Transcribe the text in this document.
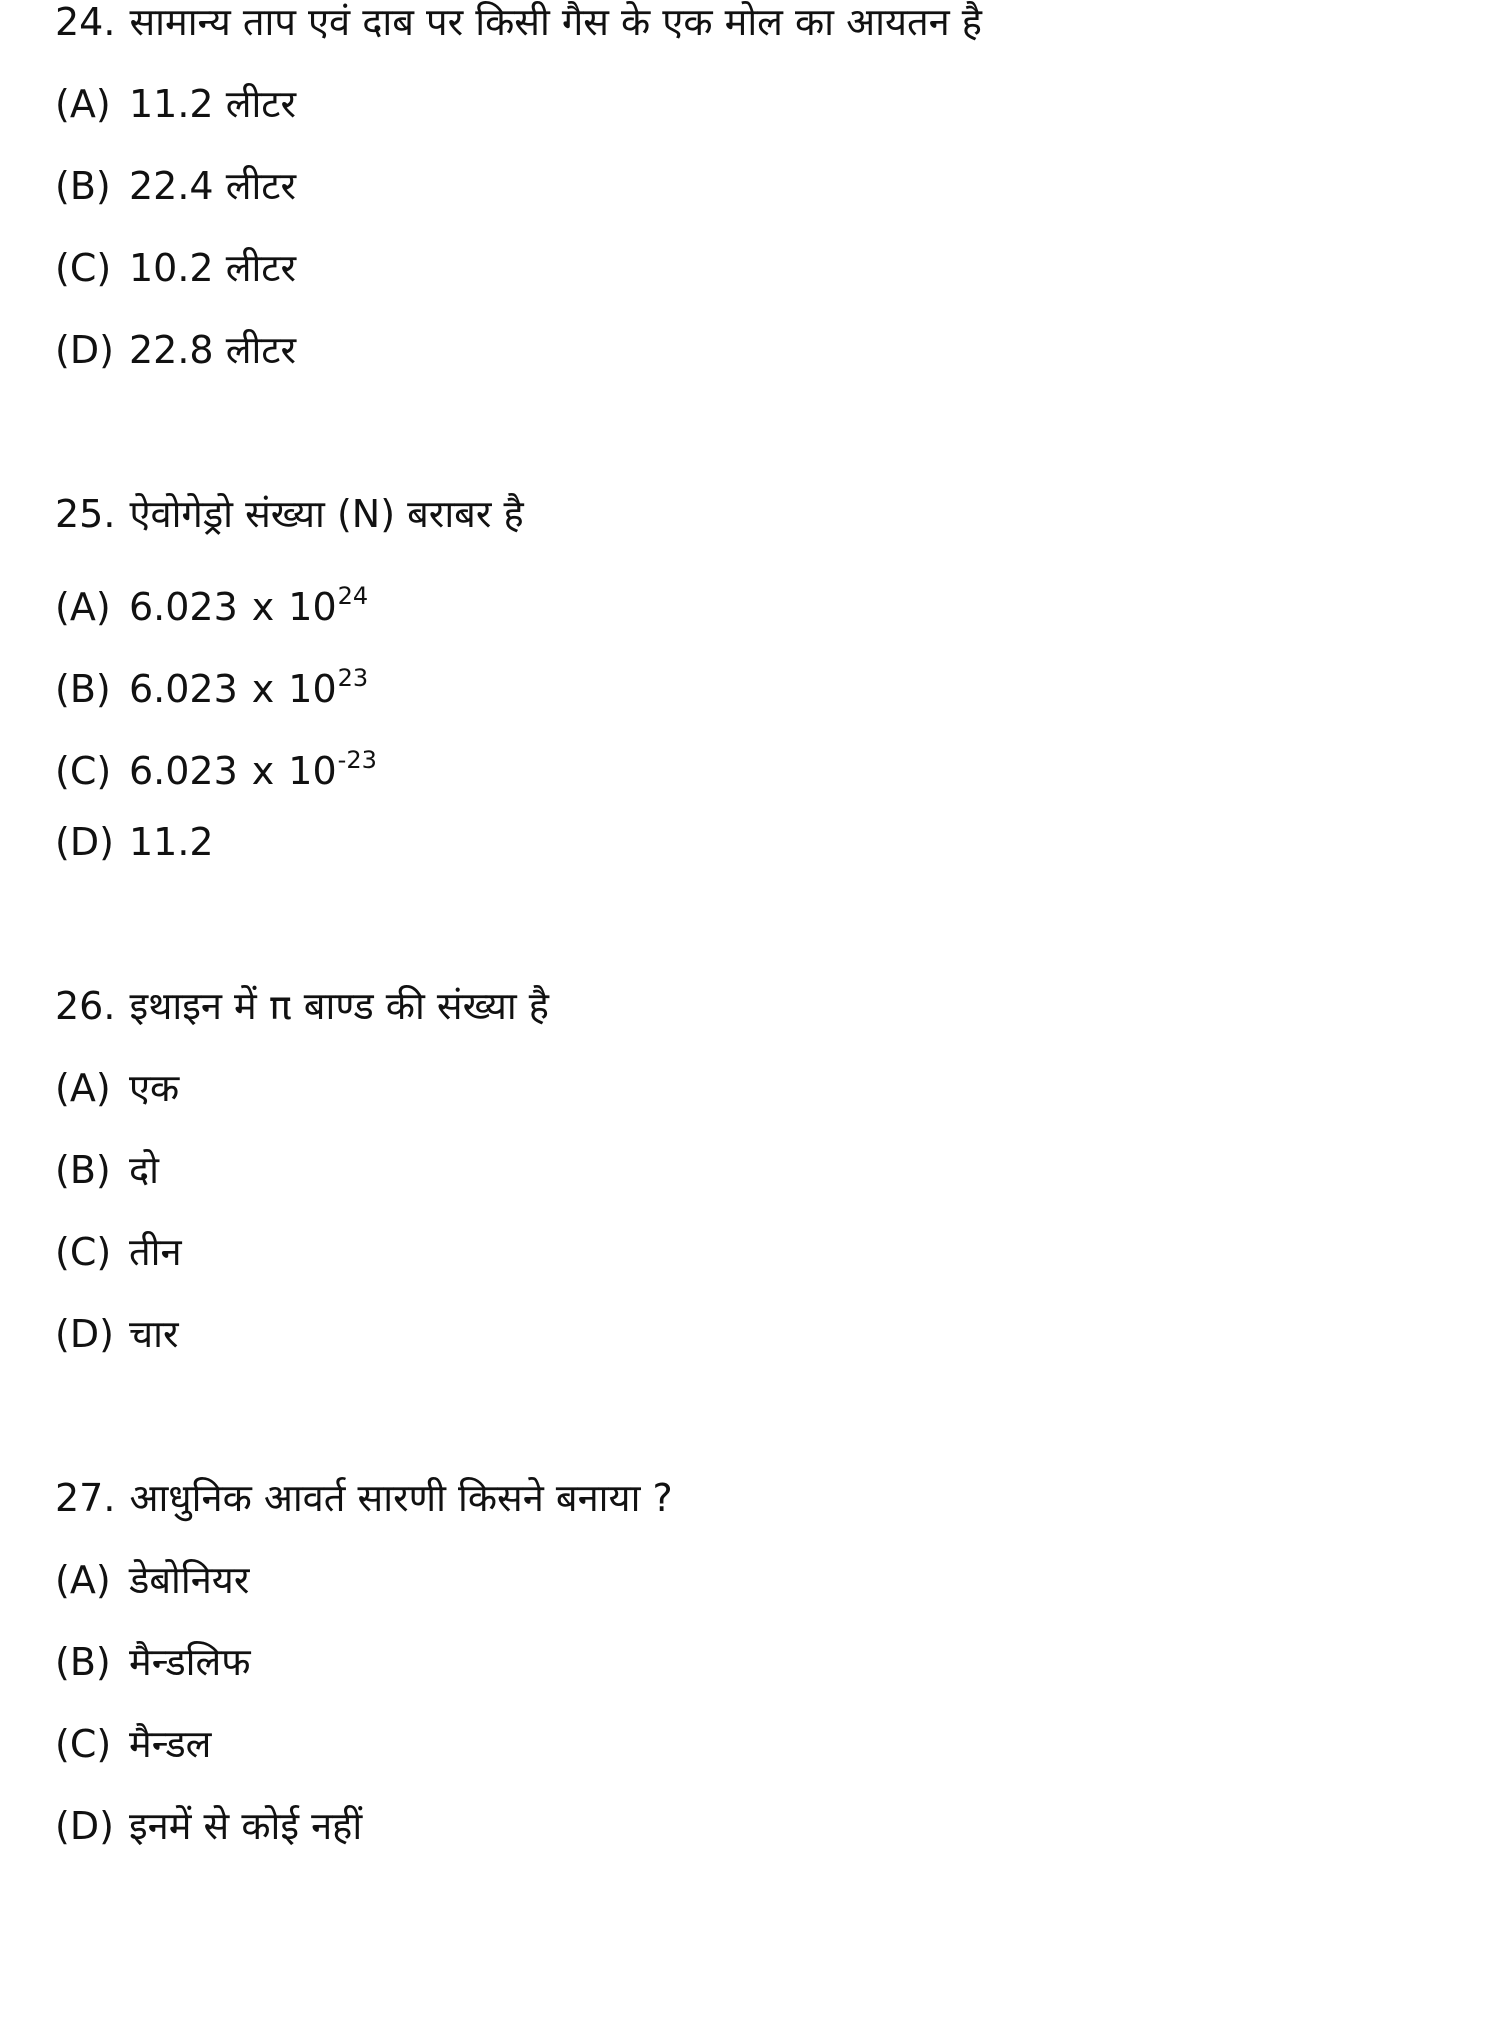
24. सामान्य ताप एवं दाब पर किसी गैस के एक मोल का आयतन है
(A) 11.2 लीटर
(B) 22.4 लीटर
(C) 10.2 लीटर
(D) 22.8 लीटर
25. ऐवोगेड्रो संख्या (N) बराबर है
(A) 6.023 x $10^{24}$
(B) 6.023 x $10^{23}$
(C) 6.023 x $10^{-23}$
(D) 11.2
26. इथाइन में π बाण्ड की संख्या है
(A) एक
(B) दो
(C) तीन
(D) चार
27. आधुनिक आवर्त सारणी किसने बनाया ?
(A) डेबोनियर
(B) मैन्डलिफ
(C) मैन्डल
(D) इनमें से कोई नहीं
